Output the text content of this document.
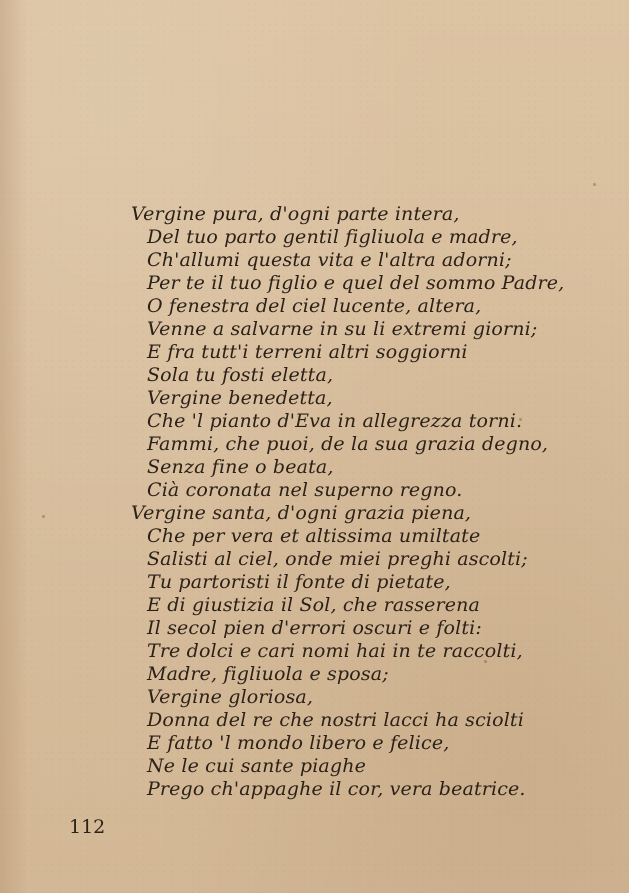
Vergine pura, d'ogni parte intera,
Del tuo parto gentil figliuola e madre,
Ch'allumi questa vita e l'altra adorni;
Per te il tuo figlio e quel del sommo Padre,
O fenestra del ciel lucente, altera,
Venne a salvarne in su li extremi giorni;
E fra tutt'i terreni altri soggiorni
Sola tu fosti eletta,
Vergine benedetta,
Che 'l pianto d'Eva in allegrezza torni.
Fammi, che puoi, de la sua grazia degno,
Senza fine o beata,
Cià coronata nel superno regno.
Vergine santa, d'ogni grazia piena,
Che per vera et altissima umiltate
Salisti al ciel, onde miei preghi ascolti;
Tu partoristi il fonte di pietate,
E di giustizia il Sol, che rasserena
Il secol pien d'errori oscuri e folti:
Tre dolci e cari nomi hai in te raccolti,
Madre, figliuola e sposa;
Vergine gloriosa,
Donna del re che nostri lacci ha sciolti
E fatto 'l mondo libero e felice,
Ne le cui sante piaghe
Prego ch'appaghe il cor, vera beatrice.
112
